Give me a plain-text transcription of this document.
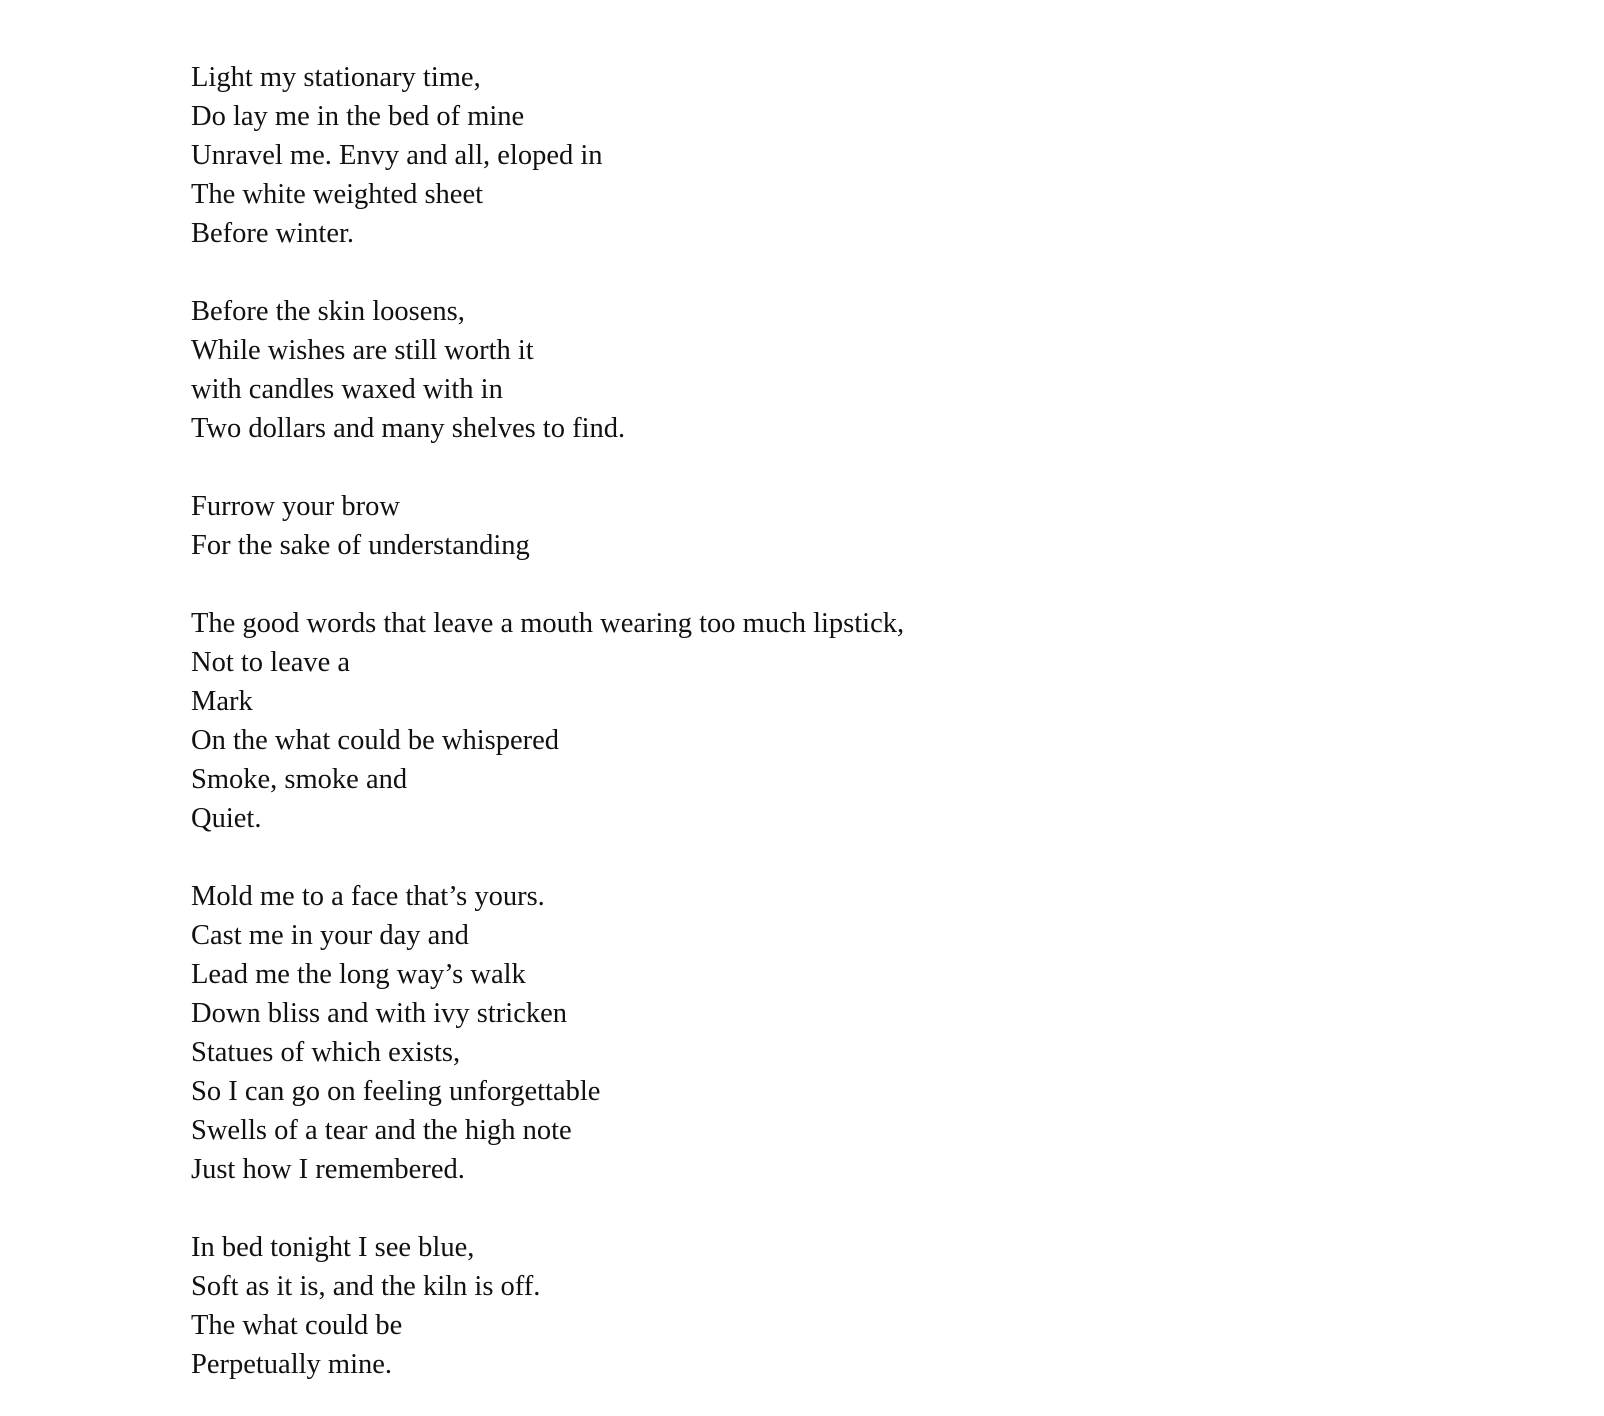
Light my stationary time,
Do lay me in the bed of mine
Unravel me. Envy and all, eloped in
The white weighted sheet
Before winter.
Before the skin loosens,
While wishes are still worth it
with candles waxed with in
Two dollars and many shelves to find.
Furrow your brow
For the sake of understanding
The good words that leave a mouth wearing too much lipstick,
Not to leave a
Mark
On the what could be whispered
Smoke, smoke and
Quiet.
Mold me to a face that’s yours.
Cast me in your day and
Lead me the long way’s walk
Down bliss and with ivy stricken
Statues of which exists,
So I can go on feeling unforgettable
Swells of a tear and the high note
Just how I remembered.
In bed tonight I see blue,
Soft as it is, and the kiln is off.
The what could be
Perpetually mine.
